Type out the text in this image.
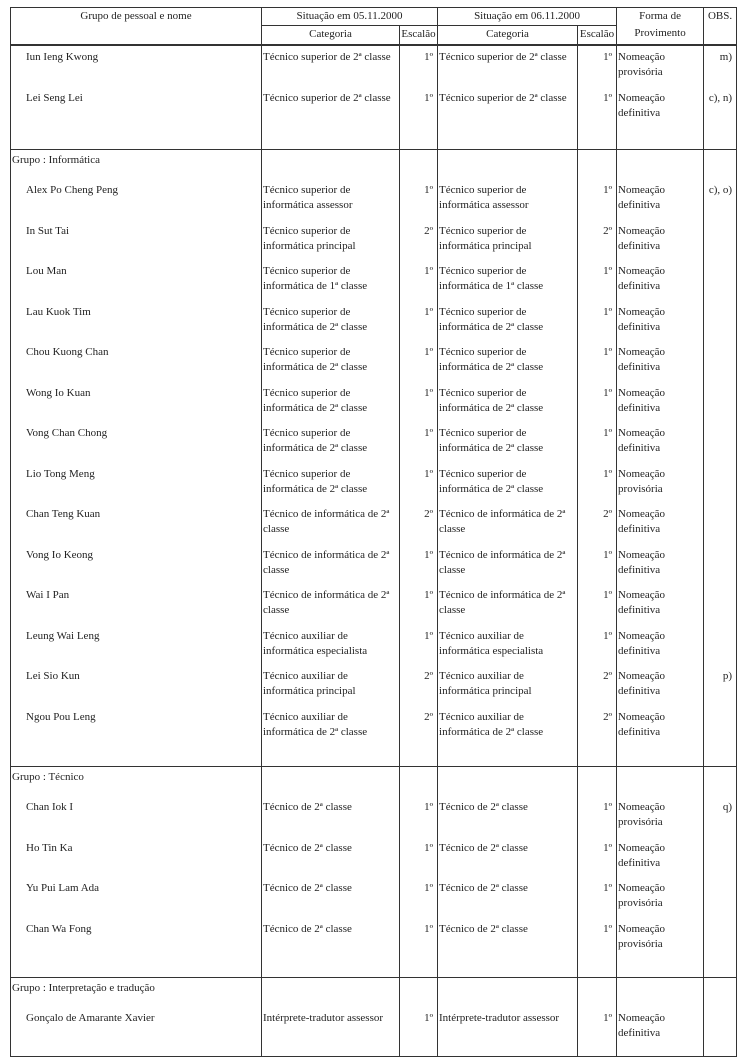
Grupo de pessoal e nome	Situação em 05.11.2000		Situação em 06.11.2000		Forma de Provimento	OBS.
	Categoria	Escalão	Categoria	Escalão		

Iun Ieng Kwong	Técnico superior de 2ª classe	1º	Técnico superior de 2ª classe	1º	Nomeação provisória	m)
Lei Seng Lei	Técnico superior de 2ª classe	1º	Técnico superior de 2ª classe	1º	Nomeação definitiva	c), n)

Grupo : Informática						
Alex Po Cheng Peng	Técnico superior de informática assessor	1º	Técnico superior de informática assessor	1º	Nomeação definitiva	c), o)
In Sut Tai	Técnico superior de informática principal	2º	Técnico superior de informática principal	2º	Nomeação definitiva	
Lou Man	Técnico superior de informática de 1ª classe	1º	Técnico superior de informática de 1ª classe	1º	Nomeação definitiva	
Lau Kuok Tim	Técnico superior de informática de 2ª classe	1º	Técnico superior de informática de 2ª classe	1º	Nomeação definitiva	
Chou Kuong Chan	Técnico superior de informática de 2ª classe	1º	Técnico superior de informática de 2ª classe	1º	Nomeação definitiva	
Wong Io Kuan	Técnico superior de informática de 2ª classe	1º	Técnico superior de informática de 2ª classe	1º	Nomeação definitiva	
Vong Chan Chong	Técnico superior de informática de 2ª classe	1º	Técnico superior de informática de 2ª classe	1º	Nomeação definitiva	
Lio Tong Meng	Técnico superior de informática de 2ª classe	1º	Técnico superior de informática de 2ª classe	1º	Nomeação provisória	
Chan Teng Kuan	Técnico de informática de 2ª classe	2º	Técnico de informática de 2ª classe	2º	Nomeação definitiva	
Vong Io Keong	Técnico de informática de 2ª classe	1º	Técnico de informática de 2ª classe	1º	Nomeação definitiva	
Wai I Pan	Técnico de informática de 2ª classe	1º	Técnico de informática de 2ª classe	1º	Nomeação definitiva	
Leung Wai Leng	Técnico auxiliar de informática especialista	1º	Técnico auxiliar de informática especialista	1º	Nomeação definitiva	
Lei Sio Kun	Técnico auxiliar de informática principal	2º	Técnico auxiliar de informática principal	2º	Nomeação definitiva	p)
Ngou Pou Leng	Técnico auxiliar de informática de 2ª classe	2º	Técnico auxiliar de informática de 2ª classe	2º	Nomeação definitiva	

Grupo : Técnico						
Chan Iok I	Técnico de 2ª classe	1º	Técnico de 2ª classe	1º	Nomeação provisória	q)
Ho Tin Ka	Técnico de 2ª classe	1º	Técnico de 2ª classe	1º	Nomeação definitiva	
Yu Pui Lam Ada	Técnico de 2ª classe	1º	Técnico de 2ª classe	1º	Nomeação provisória	
Chan Wa Fong	Técnico de 2ª classe	1º	Técnico de 2ª classe	1º	Nomeação provisória	

Grupo : Interpretação e tradução						
Gonçalo de Amarante Xavier	Intérprete-tradutor assessor	1º	Intérprete-tradutor assessor	1º	Nomeação definitiva	
